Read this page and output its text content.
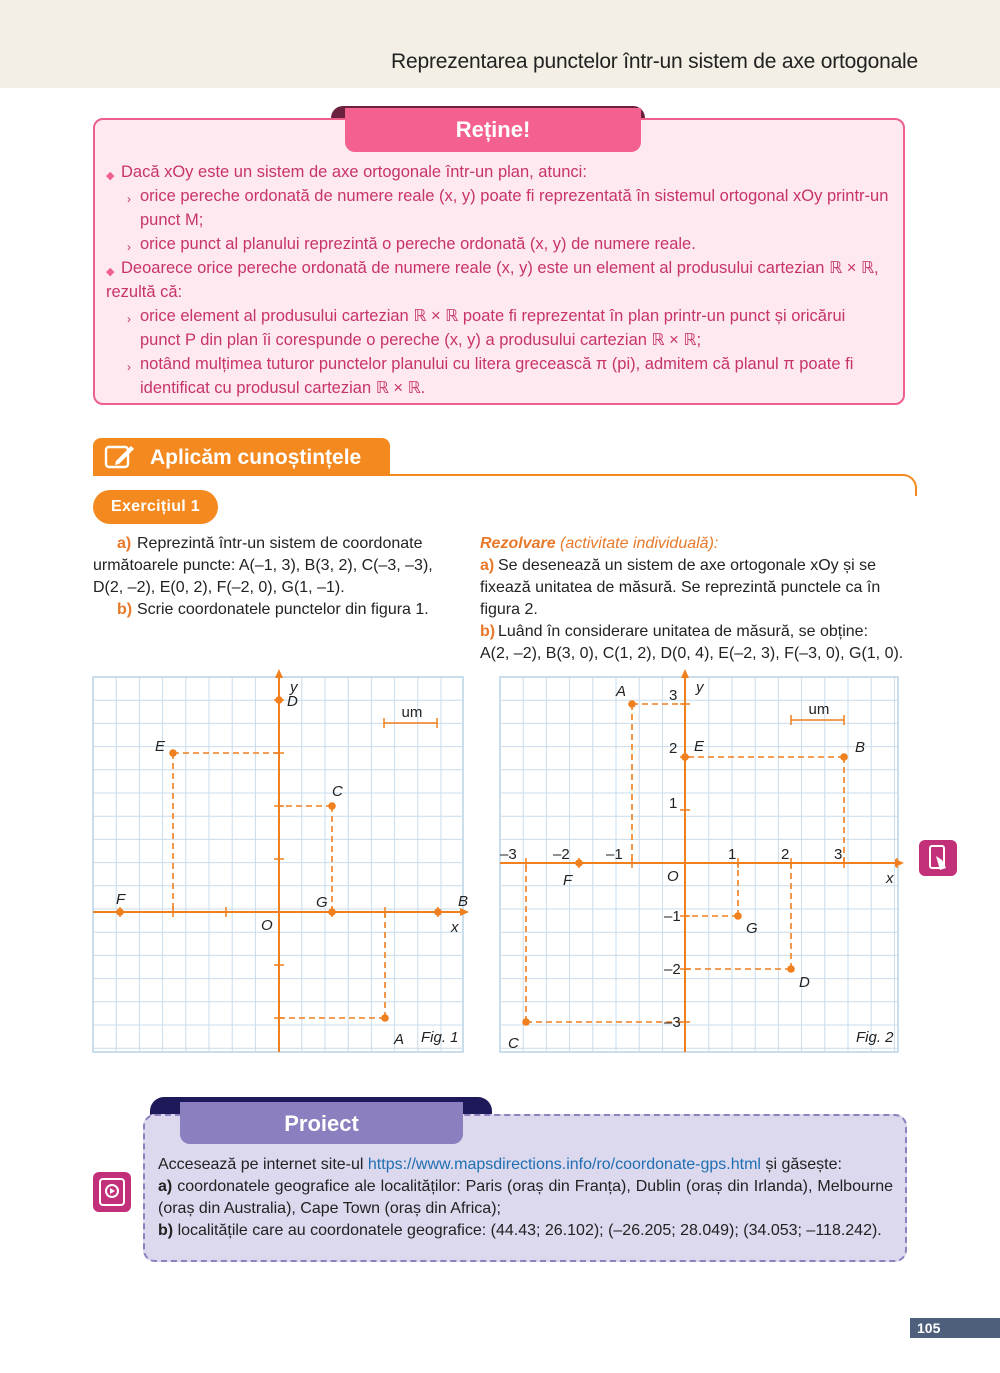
Reprezentarea punctelor într-un sistem de axe ortogonale
Reține!
◆ Dacă xOy este un sistem de axe ortogonale într-un plan, atunci:
› orice pereche ordonată de numere reale (x, y) poate fi reprezentată în sistemul ortogonal xOy printr-un
punct M;
› orice punct al planului reprezintă o pereche ordonată (x, y) de numere reale.
◆ Deoarece orice pereche ordonată de numere reale (x, y) este un element al produsului cartezian ℝ × ℝ,
rezultă că:
› orice element al produsului cartezian ℝ × ℝ poate fi reprezentat în plan printr-un punct și oricărui
punct P din plan îi corespunde o pereche (x, y) a produsului cartezian ℝ × ℝ;
› notând mulțimea tuturor punctelor planului cu litera grecească π (pi), admitem că planul π poate fi
identificat cu produsul cartezian ℝ × ℝ.
Aplicăm cunoștințele
Exercițiul 1
a) Reprezintă într-un sistem de coordonate
următoarele puncte: A(–1, 3), B(3, 2), C(–3, –3),
D(2, –2), E(0, 2), F(–2, 0), G(1, –1).
b) Scrie coordonatele punctelor din figura 1.
Rezolvare (activitate individuală):
a) Se desenează un sistem de axe ortogonale xOy și se
fixează unitatea de măsură. Se reprezintă punctele ca în
figura 2.
b) Luând în considerare unitatea de măsură, se obține:
A(2, –2), B(3, 0), C(1, 2), D(0, 4), E(–2, 3), F(–3, 0), G(1, 0).
um
x
y
O
A
B
C
D
E
F	G
Fig. 1
um
x
y
O
A
B
C
D
E
F
G
Fig. 2
–3 –2 –1	1	2	3
3
2
1
–1
–2
–3
Proiect
Accesează pe internet site-ul https://www.mapsdirections.info/ro/coordonate-gps.html și găsește:
a) coordonatele geografice ale localităților: Paris (oraș din Franța), Dublin (oraș din Irlanda), Melbourne (oraș din Australia), Cape Town (oraș din Africa);
b) localitățile care au coordonatele geografice: (44.43; 26.102); (–26.205; 28.049); (34.053; –118.242).
105
